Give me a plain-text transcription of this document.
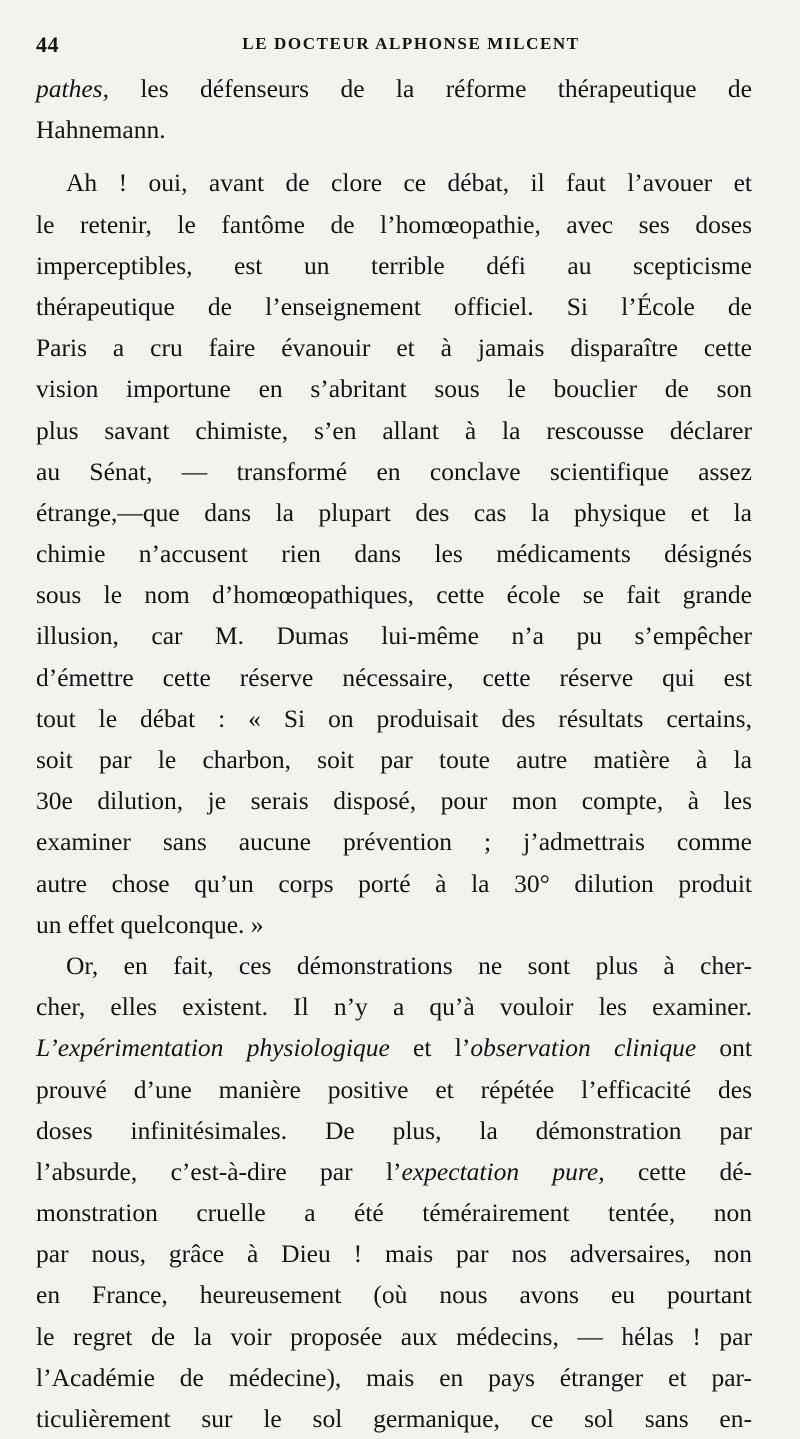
44	LE DOCTEUR ALPHONSE MILCENT
pathes, les défenseurs de la réforme thérapeutique de
Hahnemann.
Ah ! oui, avant de clore ce débat, il faut l’avouer et
le retenir, le fantôme de l’homœopathie, avec ses doses
imperceptibles, est un terrible défi au scepticisme
thérapeutique de l’enseignement officiel. Si l’École de
Paris a cru faire évanouir et à jamais disparaître cette
vision importune en s’abritant sous le bouclier de son
plus savant chimiste, s’en allant à la rescousse déclarer
au Sénat, — transformé en conclave scientifique assez
étrange,—que dans la plupart des cas la physique et la
chimie n’accusent rien dans les médicaments désignés
sous le nom d’homœopathiques, cette école se fait grande
illusion, car M. Dumas lui-même n’a pu s’empêcher
d’émettre cette réserve nécessaire, cette réserve qui est
tout le débat : « Si on produisait des résultats certains,
soit par le charbon, soit par toute autre matière à la
30e dilution, je serais disposé, pour mon compte, à les
examiner sans aucune prévention ; j’admettrais comme
autre chose qu’un corps porté à la 30° dilution produit
un effet quelconque. »
Or, en fait, ces démonstrations ne sont plus à cher-
cher, elles existent. Il n’y a qu’à vouloir les examiner.
L’expérimentation physiologique et l’observation clinique ont
prouvé d’une manière positive et répétée l’efficacité des
doses infinitésimales. De plus, la démonstration par
l’absurde, c’est-à-dire par l’expectation pure, cette dé-
monstration cruelle a été témérairement tentée, non
par nous, grâce à Dieu ! mais par nos adversaires, non
en France, heureusement (où nous avons eu pourtant
le regret de la voir proposée aux médecins, — hélas ! par
l’Académie de médecine), mais en pays étranger et par-
ticulièrement sur le sol germanique, ce sol sans en-
